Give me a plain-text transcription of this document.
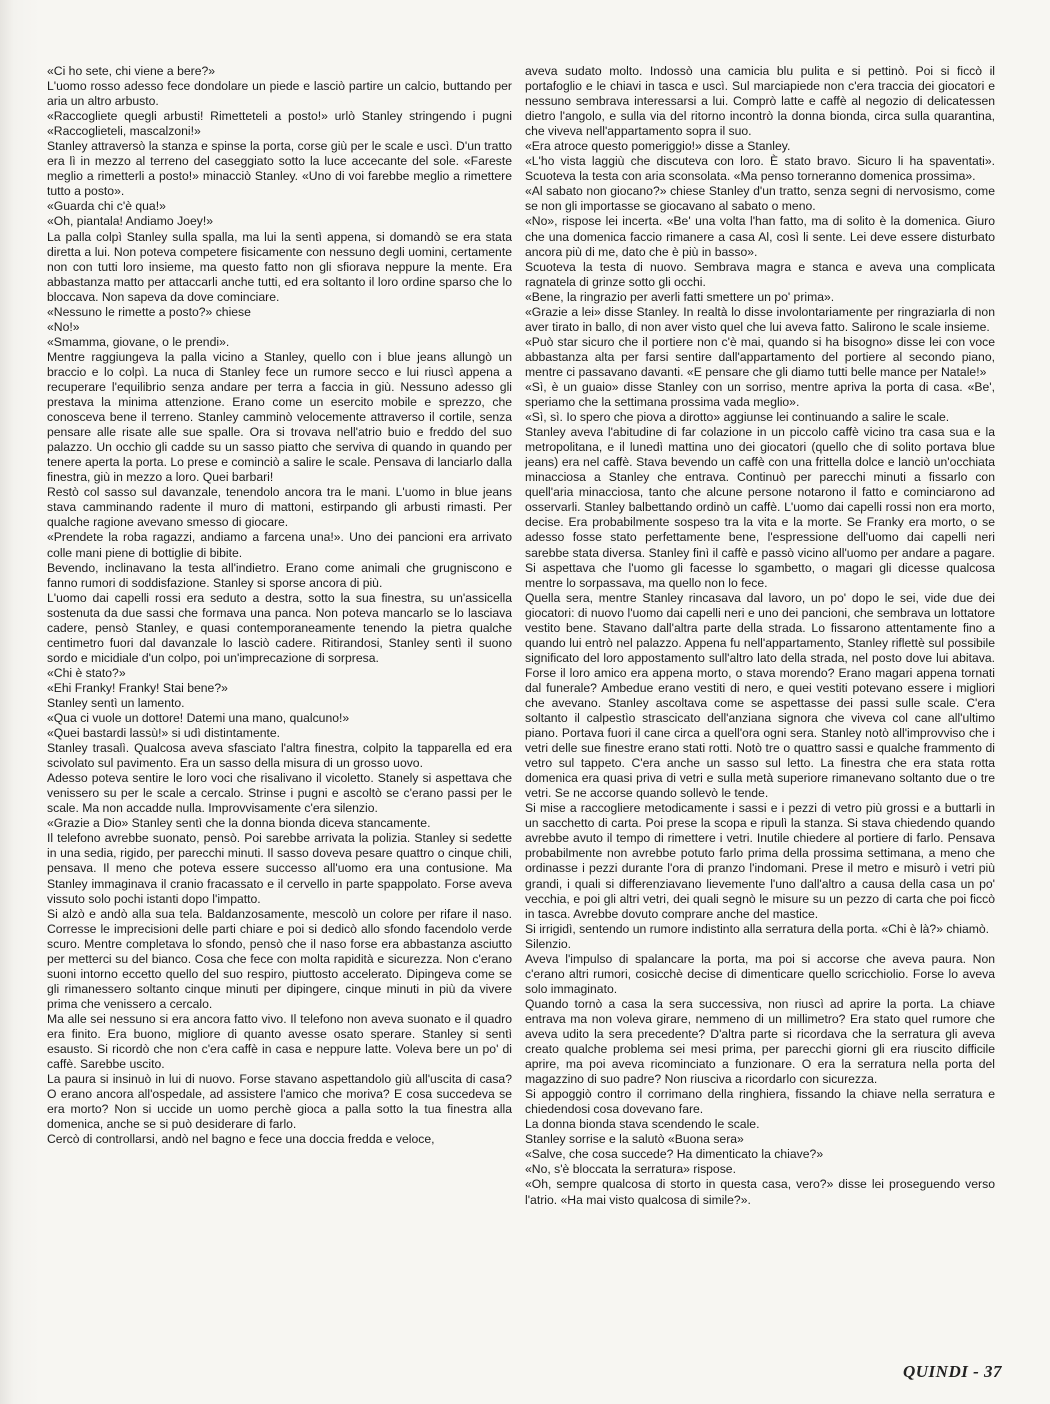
«Ci ho sete, chi viene a bere?»

L'uomo rosso adesso fece dondolare un piede e lasciò partire un calcio, buttando per aria un altro arbusto.

«Raccogliete quegli arbusti! Rimetteteli a posto!» urlò Stanley stringendo i pugni «Raccoglieteli, mascalzoni!»

Stanley attraversò la stanza e spinse la porta, corse giù per le scale e uscì. D'un tratto era lì in mezzo al terreno del caseggiato sotto la luce accecante del sole. «Fareste meglio a rimetterli a posto!» minacciò Stanley. «Uno di voi farebbe meglio a rimettere tutto a posto».

«Guarda chi c'è qua!»

«Oh, piantala! Andiamo Joey!»

La palla colpì Stanley sulla spalla, ma lui la sentì appena, si domandò se era stata diretta a lui. Non poteva competere fisicamente con nessuno degli uomini, certamente non con tutti loro insieme, ma questo fatto non gli sfiorava neppure la mente. Era abbastanza matto per attaccarli anche tutti, ed era soltanto il loro ordine sparso che lo bloccava. Non sapeva da dove cominciare.

«Nessuno le rimette a posto?» chiese

«No!»

«Smamma, giovane, o le prendi».

Mentre raggiungeva la palla vicino a Stanley, quello con i blue jeans allungò un braccio e lo colpì. La nuca di Stanley fece un rumore secco e lui riuscì appena a recuperare l'equilibrio senza andare per terra a faccia in giù. Nessuno adesso gli prestava la minima attenzione. Erano come un esercito mobile e sprezzo, che conosceva bene il terreno. Stanley camminò velocemente attraverso il cortile, senza pensare alle risate alle sue spalle. Ora si trovava nell'atrio buio e freddo del suo palazzo. Un occhio gli cadde su un sasso piatto che serviva di quando in quando per tenere aperta la porta. Lo prese e cominciò a salire le scale. Pensava di lanciarlo dalla finestra, giù in mezzo a loro. Quei barbari!

Restò col sasso sul davanzale, tenendolo ancora tra le mani. L'uomo in blue jeans stava camminando radente il muro di mattoni, estirpando gli arbusti rimasti. Per qualche ragione avevano smesso di giocare.

«Prendete la roba ragazzi, andiamo a farcena una!». Uno dei pancioni era arrivato colle mani piene di bottiglie di bibite.

Bevendo, inclinavano la testa all'indietro. Erano come animali che grugniscono e fanno rumori di soddisfazione. Stanley si sporse ancora di più.

L'uomo dai capelli rossi era seduto a destra, sotto la sua finestra, su un'assicella sostenuta da due sassi che formava una panca. Non poteva mancarlo se lo lasciava cadere, pensò Stanley, e quasi contemporaneamente tenendo la pietra qualche centimetro fuori dal davanzale lo lasciò cadere. Ritirandosi, Stanley sentì il suono sordo e micidiale d'un colpo, poi un'imprecazione di sorpresa.

«Chi è stato?»

«Ehi Franky! Franky! Stai bene?»

Stanley sentì un lamento.

«Qua ci vuole un dottore! Datemi una mano, qualcuno!»

«Quei bastardi lassù!» si udì distintamente.

Stanley trasalì. Qualcosa aveva sfasciato l'altra finestra, colpito la tapparella ed era scivolato sul pavimento. Era un sasso della misura di un grosso uovo.

Adesso poteva sentire le loro voci che risalivano il vicoletto. Stanely si aspettava che venissero su per le scale a cercalo. Strinse i pugni e ascoltò se c'erano passi per le scale. Ma non accadde nulla. Improvvisamente c'era silenzio.

«Grazie a Dio» Stanley sentì che la donna bionda diceva stancamente.

Il telefono avrebbe suonato, pensò. Poi sarebbe arrivata la polizia. Stanley si sedette in una sedia, rigido, per parecchi minuti. Il sasso doveva pesare quattro o cinque chili, pensava. Il meno che poteva essere successo all'uomo era una contusione. Ma Stanley immaginava il cranio fracassato e il cervello in parte spappolato. Forse aveva vissuto solo pochi istanti dopo l'impatto.

Si alzò e andò alla sua tela. Baldanzosamente, mescolò un colore per rifare il naso. Corresse le imprecisioni delle parti chiare e poi si dedicò allo sfondo facendolo verde scuro. Mentre completava lo sfondo, pensò che il naso forse era abbastanza asciutto per metterci su del bianco. Cosa che fece con molta rapidità e sicurezza. Non c'erano suoni intorno eccetto quello del suo respiro, piuttosto accelerato. Dipingeva come se gli rimanessero soltanto cinque minuti per dipingere, cinque minuti in più da vivere prima che venissero a cercalo.

Ma alle sei nessuno si era ancora fatto vivo. Il telefono non aveva suonato e il quadro era finito. Era buono, migliore di quanto avesse osato sperare. Stanley si sentì esausto. Si ricordò che non c'era caffè in casa e neppure latte. Voleva bere un po' di caffè. Sarebbe uscito.

La paura si insinuò in lui di nuovo. Forse stavano aspettandolo giù all'uscita di casa? O erano ancora all'ospedale, ad assistere l'amico che moriva? E cosa succedeva se era morto? Non si uccide un uomo perchè gioca a palla sotto la tua finestra alla domenica, anche se si può desiderare di farlo.

Cercò di controllarsi, andò nel bagno e fece una doccia fredda e veloce,

aveva sudato molto. Indossò una camicia blu pulita e si pettinò. Poi si ficcò il portafoglio e le chiavi in tasca e uscì. Sul marciapiede non c'era traccia dei giocatori e nessuno sembrava interessarsi a lui. Comprò latte e caffè al negozio di delicatessen dietro l'angolo, e sulla via del ritorno incontrò la donna bionda, circa sulla quarantina, che viveva nell'appartamento sopra il suo.

«Era atroce questo pomeriggio!» disse a Stanley.

«L'ho vista laggiù che discuteva con loro. È stato bravo. Sicuro li ha spaventati». Scuoteva la testa con aria sconsolata. «Ma penso torneranno domenica prossima».

«Al sabato non giocano?» chiese Stanley d'un tratto, senza segni di nervosismo, come se non gli importasse se giocavano al sabato o meno.

«No», rispose lei incerta. «Be' una volta l'han fatto, ma di solito è la domenica. Giuro che una domenica faccio rimanere a casa Al, così li sente. Lei deve essere disturbato ancora più di me, dato che è più in basso».

Scuoteva la testa di nuovo. Sembrava magra e stanca e aveva una complicata ragnatela di grinze sotto gli occhi.

«Bene, la ringrazio per averli fatti smettere un po' prima».

«Grazie a lei» disse Stanley. In realtà lo disse involontariamente per ringraziarla di non aver tirato in ballo, di non aver visto quel che lui aveva fatto. Salirono le scale insieme.

«Può star sicuro che il portiere non c'è mai, quando si ha bisogno» disse lei con voce abbastanza alta per farsi sentire dall'appartamento del portiere al secondo piano, mentre ci passavano davanti. «E pensare che gli diamo tutti belle mance per Natale!»

«Sì, è un guaio» disse Stanley con un sorriso, mentre apriva la porta di casa. «Be', speriamo che la settimana prossima vada meglio».

«Sì, sì. Io spero che piova a dirotto» aggiunse lei continuando a salire le scale.

Stanley aveva l'abitudine di far colazione in un piccolo caffè vicino tra casa sua e la metropolitana, e il lunedì mattina uno dei giocatori (quello che di solito portava blue jeans) era nel caffè. Stava bevendo un caffè con una frittella dolce e lanciò un'occhiata minacciosa a Stanley che entrava. Continuò per parecchi minuti a fissarlo con quell'aria minacciosa, tanto che alcune persone notarono il fatto e cominciarono ad osservarli. Stanley balbettando ordinò un caffè. L'uomo dai capelli rossi non era morto, decise. Era probabilmente sospeso tra la vita e la morte. Se Franky era morto, o se adesso fosse stato perfettamente bene, l'espressione dell'uomo dai capelli neri sarebbe stata diversa. Stanley finì il caffè e passò vicino all'uomo per andare a pagare. Si aspettava che l'uomo gli facesse lo sgambetto, o magari gli dicesse qualcosa mentre lo sorpassava, ma quello non lo fece.

Quella sera, mentre Stanley rincasava dal lavoro, un po' dopo le sei, vide due dei giocatori: di nuovo l'uomo dai capelli neri e uno dei pancioni, che sembrava un lottatore vestito bene. Stavano dall'altra parte della strada. Lo fissarono attentamente fino a quando lui entrò nel palazzo. Appena fu nell'appartamento, Stanley riflettè sul possibile significato del loro appostamento sull'altro lato della strada, nel posto dove lui abitava. Forse il loro amico era appena morto, o stava morendo? Erano magari appena tornati dal funerale? Ambedue erano vestiti di nero, e quei vestiti potevano essere i migliori che avevano. Stanley ascoltava come se aspettasse dei passi sulle scale. C'era soltanto il calpestìo strascicato dell'anziana signora che viveva col cane all'ultimo piano. Portava fuori il cane circa a quell'ora ogni sera. Stanley notò all'improvviso che i vetri delle sue finestre erano stati rotti. Notò tre o quattro sassi e qualche frammento di vetro sul tappeto. C'era anche un sasso sul letto. La finestra che era stata rotta domenica era quasi priva di vetri e sulla metà superiore rimanevano soltanto due o tre vetri. Se ne accorse quando sollevò le tende.

Si mise a raccogliere metodicamente i sassi e i pezzi di vetro più grossi e a buttarli in un sacchetto di carta. Poi prese la scopa e ripulì la stanza. Si stava chiedendo quando avrebbe avuto il tempo di rimettere i vetri. Inutile chiedere al portiere di farlo. Pensava probabilmente non avrebbe potuto farlo prima della prossima settimana, a meno che ordinasse i pezzi durante l'ora di pranzo l'indomani. Prese il metro e misurò i vetri più grandi, i quali si differenziavano lievemente l'uno dall'altro a causa della casa un po' vecchia, e poi gli altri vetri, dei quali segnò le misure su un pezzo di carta che poi ficcò in tasca. Avrebbe dovuto comprare anche del mastice.

Si irrigidì, sentendo un rumore indistinto alla serratura della porta. «Chi è là?» chiamò.

Silenzio.

Aveva l'impulso di spalancare la porta, ma poi si accorse che aveva paura. Non c'erano altri rumori, cosicchè decise di dimenticare quello scricchiolio. Forse lo aveva solo immaginato.

Quando tornò a casa la sera successiva, non riuscì ad aprire la porta. La chiave entrava ma non voleva girare, nemmeno di un millimetro? Era stato quel rumore che aveva udito la sera precedente? D'altra parte si ricordava che la serratura gli aveva creato qualche problema sei mesi prima, per parecchi giorni gli era riuscito difficile aprire, ma poi aveva ricominciato a funzionare. O era la serratura nella porta del magazzino di suo padre? Non riusciva a ricordarlo con sicurezza.

Si appoggiò contro il corrimano della ringhiera, fissando la chiave nella serratura e chiedendosi cosa dovevano fare.

La donna bionda stava scendendo le scale.

Stanley sorrise e la salutò «Buona sera»

«Salve, che cosa succede? Ha dimenticato la chiave?»

«No, s'è bloccata la serratura» rispose.

«Oh, sempre qualcosa di storto in questa casa, vero?» disse lei proseguendo verso l'atrio. «Ha mai visto qualcosa di simile?».

QUINDI - 37
